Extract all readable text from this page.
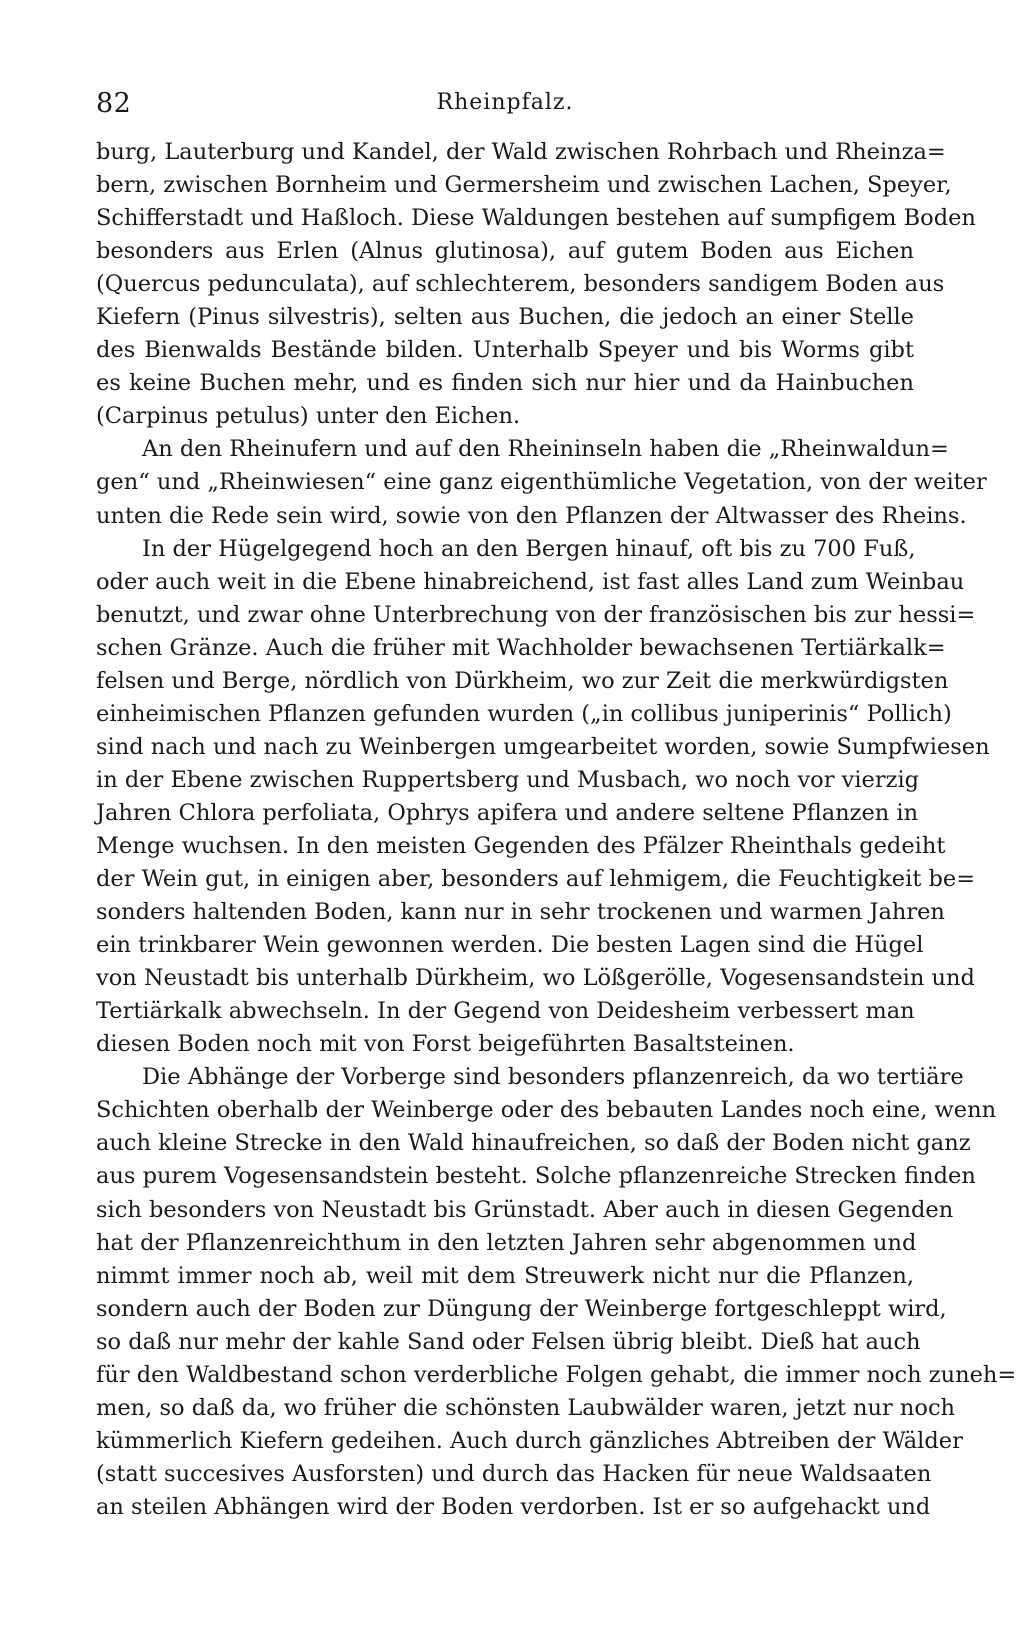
82	Rheinpfalz.
burg, Lauterburg und Kandel, der Wald zwischen Rohrbach und Rheinza=
bern, zwischen Bornheim und Germersheim und zwischen Lachen, Speyer,
Schifferstadt und Haßloch. Diese Waldungen bestehen auf sumpfigem Boden
besonders aus Erlen (Alnus glutinosa), auf gutem Boden aus Eichen
(Quercus pedunculata), auf schlechterem, besonders sandigem Boden aus
Kiefern (Pinus silvestris), selten aus Buchen, die jedoch an einer Stelle
des Bienwalds Bestände bilden. Unterhalb Speyer und bis Worms gibt
es keine Buchen mehr, und es finden sich nur hier und da Hainbuchen
(Carpinus petulus) unter den Eichen.
An den Rheinufern und auf den Rheininseln haben die „Rheinwaldun=
gen“ und „Rheinwiesen“ eine ganz eigenthümliche Vegetation, von der weiter
unten die Rede sein wird, sowie von den Pflanzen der Altwasser des Rheins.
In der Hügelgegend hoch an den Bergen hinauf, oft bis zu 700 Fuß,
oder auch weit in die Ebene hinabreichend, ist fast alles Land zum Weinbau
benutzt, und zwar ohne Unterbrechung von der französischen bis zur hessi=
schen Gränze. Auch die früher mit Wachholder bewachsenen Tertiärkalk=
felsen und Berge, nördlich von Dürkheim, wo zur Zeit die merkwürdigsten
einheimischen Pflanzen gefunden wurden („in collibus juniperinis“ Pollich)
sind nach und nach zu Weinbergen umgearbeitet worden, sowie Sumpfwiesen
in der Ebene zwischen Ruppertsberg und Musbach, wo noch vor vierzig
Jahren Chlora perfoliata, Ophrys apifera und andere seltene Pflanzen in
Menge wuchsen. In den meisten Gegenden des Pfälzer Rheinthals gedeiht
der Wein gut, in einigen aber, besonders auf lehmigem, die Feuchtigkeit be=
sonders haltenden Boden, kann nur in sehr trockenen und warmen Jahren
ein trinkbarer Wein gewonnen werden. Die besten Lagen sind die Hügel
von Neustadt bis unterhalb Dürkheim, wo Lößgerölle, Vogesensandstein und
Tertiärkalk abwechseln. In der Gegend von Deidesheim verbessert man
diesen Boden noch mit von Forst beigeführten Basaltsteinen.
Die Abhänge der Vorberge sind besonders pflanzenreich, da wo tertiäre
Schichten oberhalb der Weinberge oder des bebauten Landes noch eine, wenn
auch kleine Strecke in den Wald hinaufreichen, so daß der Boden nicht ganz
aus purem Vogesensandstein besteht. Solche pflanzenreiche Strecken finden
sich besonders von Neustadt bis Grünstadt. Aber auch in diesen Gegenden
hat der Pflanzenreichthum in den letzten Jahren sehr abgenommen und
nimmt immer noch ab, weil mit dem Streuwerk nicht nur die Pflanzen,
sondern auch der Boden zur Düngung der Weinberge fortgeschleppt wird,
so daß nur mehr der kahle Sand oder Felsen übrig bleibt. Dieß hat auch
für den Waldbestand schon verderbliche Folgen gehabt, die immer noch zuneh=
men, so daß da, wo früher die schönsten Laubwälder waren, jetzt nur noch
kümmerlich Kiefern gedeihen. Auch durch gänzliches Abtreiben der Wälder
(statt succesives Ausforsten) und durch das Hacken für neue Waldsaaten
an steilen Abhängen wird der Boden verdorben. Ist er so aufgehackt und
